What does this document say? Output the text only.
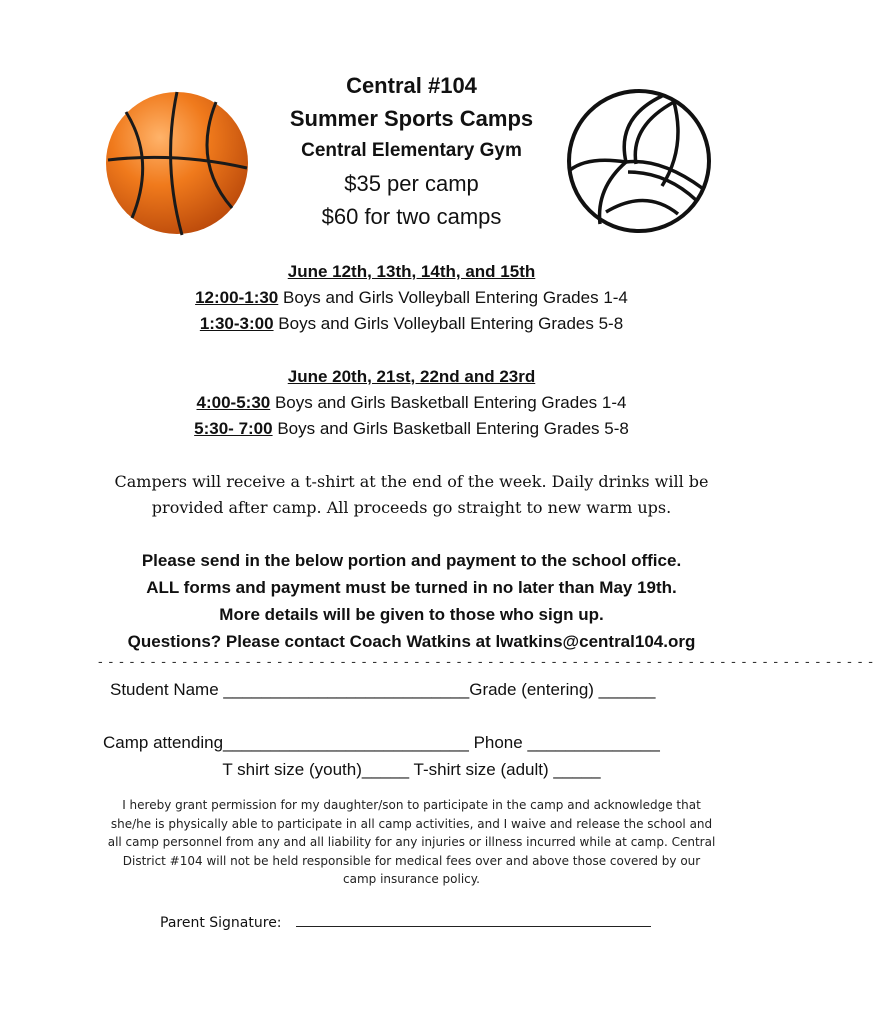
Central #104
Summer Sports Camps
Central Elementary Gym
$35 per camp
$60 for two camps
June 12th, 13th, 14th, and 15th
12:00-1:30 Boys and Girls Volleyball Entering Grades 1-4
1:30-3:00 Boys and Girls Volleyball Entering Grades 5-8
June 20th, 21st, 22nd and 23rd
4:00-5:30 Boys and Girls Basketball Entering Grades 1-4
5:30- 7:00 Boys and Girls Basketball Entering Grades 5-8
Campers will receive a t-shirt at the end of the week. Daily drinks will be
provided after camp. All proceeds go straight to new warm ups.
Please send in the below portion and payment to the school office.
ALL forms and payment must be turned in no later than May 19th.
More details will be given to those who sign up.
Questions? Please contact Coach Watkins at lwatkins@central104.org
- - - - - - - - - - - - - - - - - - - - - - - - - - - - - - - - - - - - - - - - - - - - - - - - - - - - - - - - - - - - - - - - - - - - - - - - - -
Student Name __________________________Grade (entering) ______
Camp attending__________________________ Phone ______________
T shirt size (youth)_____ T-shirt size (adult) _____
I hereby grant permission for my daughter/son to participate in the camp and acknowledge that
she/he is physically able to participate in all camp activities, and I waive and release the school and
all camp personnel from any and all liability for any injuries or illness incurred while at camp. Central
District #104 will not be held responsible for medical fees over and above those covered by our
camp insurance policy.
Parent Signature:
